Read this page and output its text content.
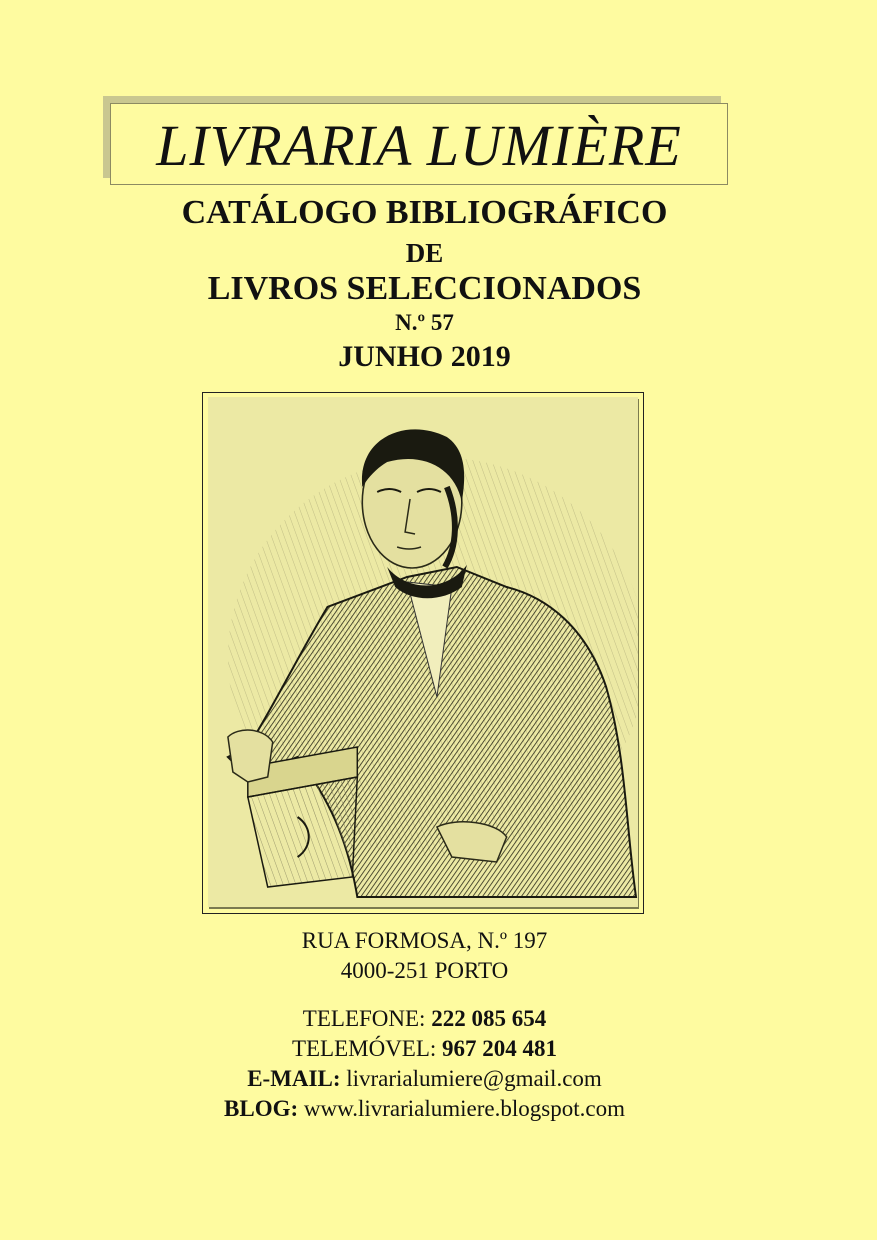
LIVRARIA LUMIÈRE
CATÁLOGO BIBLIOGRÁFICO
DE
LIVROS SELECCIONADOS
N.º 57
JUNHO 2019
RUA FORMOSA, N.º 197
4000-251 PORTO
TELEFONE: 222 085 654
TELEMÓVEL: 967 204 481
E-MAIL: livrarialumiere@gmail.com
BLOG: www.livrarialumiere.blogspot.com
